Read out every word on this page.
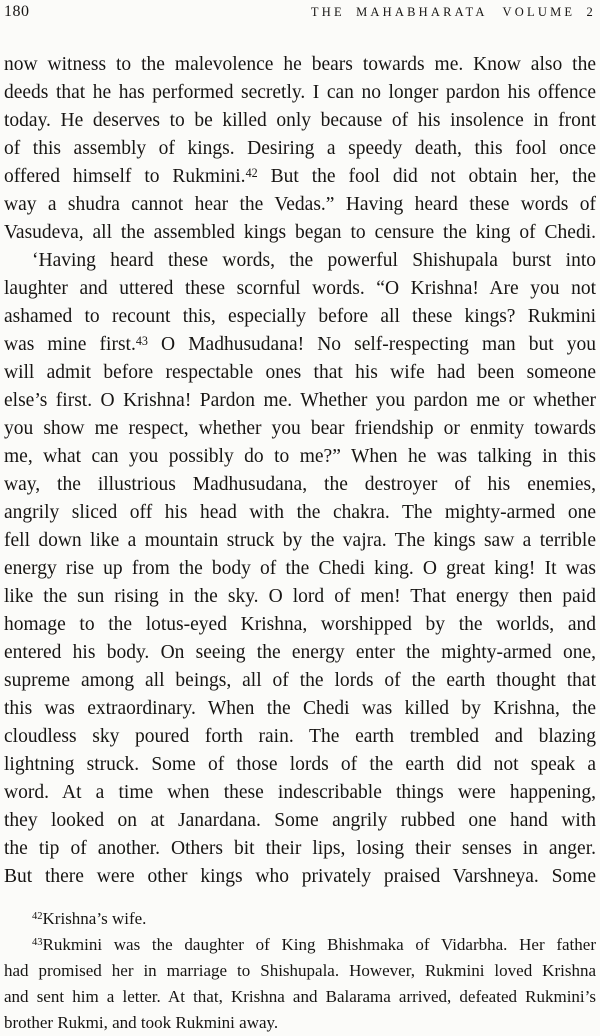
180	THE MAHABHARATA VOLUME 2
now witness to the malevolence he bears towards me. Know also the
deeds that he has performed secretly. I can no longer pardon his offence
today. He deserves to be killed only because of his insolence in front
of this assembly of kings. Desiring a speedy death, this fool once
offered himself to Rukmini.$^{42}$ But the fool did not obtain her, the
way a shudra cannot hear the Vedas.” Having heard these words of
Vasudeva, all the assembled kings began to censure the king of Chedi.
‘Having heard these words, the powerful Shishupala burst into
laughter and uttered these scornful words. “O Krishna! Are you not
ashamed to recount this, especially before all these kings? Rukmini
was mine first.$^{43}$ O Madhusudana! No self-respecting man but you
will admit before respectable ones that his wife had been someone
else’s first. O Krishna! Pardon me. Whether you pardon me or whether
you show me respect, whether you bear friendship or enmity towards
me, what can you possibly do to me?” When he was talking in this
way, the illustrious Madhusudana, the destroyer of his enemies,
angrily sliced off his head with the chakra. The mighty-armed one
fell down like a mountain struck by the vajra. The kings saw a terrible
energy rise up from the body of the Chedi king. O great king! It was
like the sun rising in the sky. O lord of men! That energy then paid
homage to the lotus-eyed Krishna, worshipped by the worlds, and
entered his body. On seeing the energy enter the mighty-armed one,
supreme among all beings, all of the lords of the earth thought that
this was extraordinary. When the Chedi was killed by Krishna, the
cloudless sky poured forth rain. The earth trembled and blazing
lightning struck. Some of those lords of the earth did not speak a
word. At a time when these indescribable things were happening,
they looked on at Janardana. Some angrily rubbed one hand with
the tip of another. Others bit their lips, losing their senses in anger.
But there were other kings who privately praised Varshneya. Some
$^{42}$Krishna’s wife.
$^{43}$Rukmini was the daughter of King Bhishmaka of Vidarbha. Her father
had promised her in marriage to Shishupala. However, Rukmini loved Krishna
and sent him a letter. At that, Krishna and Balarama arrived, defeated Rukmini’s
brother Rukmi, and took Rukmini away.
